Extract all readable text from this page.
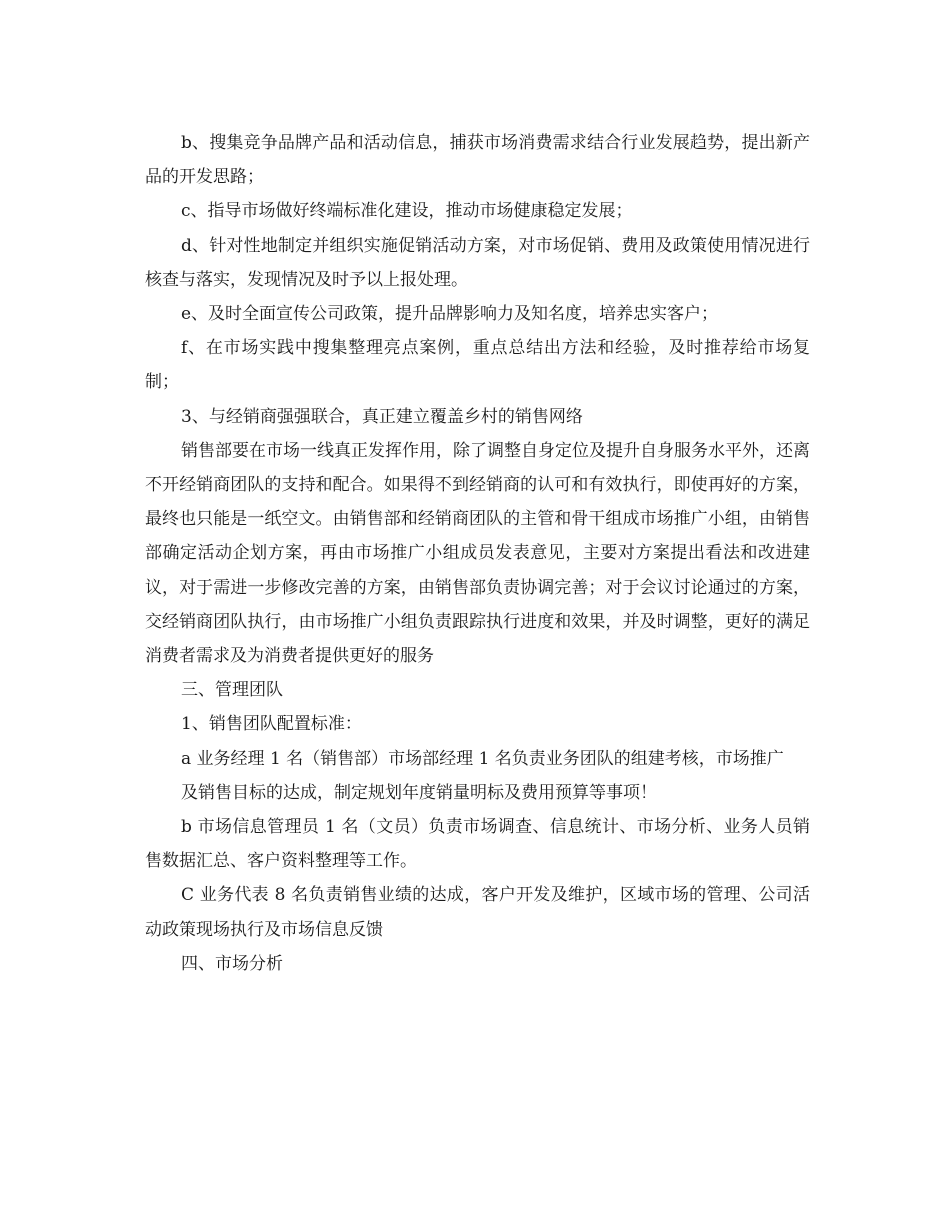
b、搜集竞争品牌产品和活动信息，捕获市场消费需求结合行业发展趋势，提出新产品的开发思路；

c、指导市场做好终端标准化建设，推动市场健康稳定发展；

d、针对性地制定并组织实施促销活动方案，对市场促销、费用及政策使用情况进行核查与落实，发现情况及时予以上报处理。

e、及时全面宣传公司政策，提升品牌影响力及知名度，培养忠实客户；

f、在市场实践中搜集整理亮点案例，重点总结出方法和经验，及时推荐给市场复制；

3、与经销商强强联合，真正建立覆盖乡村的销售网络

销售部要在市场一线真正发挥作用，除了调整自身定位及提升自身服务水平外，还离不开经销商团队的支持和配合。如果得不到经销商的认可和有效执行，即使再好的方案，最终也只能是一纸空文。由销售部和经销商团队的主管和骨干组成市场推广小组，由销售部确定活动企划方案，再由市场推广小组成员发表意见，主要对方案提出看法和改进建议，对于需进一步修改完善的方案，由销售部负责协调完善；对于会议讨论通过的方案，交经销商团队执行，由市场推广小组负责跟踪执行进度和效果，并及时调整，更好的满足消费者需求及为消费者提供更好的服务

三、管理团队

1、销售团队配置标准：

a 业务经理 1 名（销售部）市场部经理 1 名负责业务团队的组建考核，市场推广

及销售目标的达成，制定规划年度销量明标及费用预算等事项！

b 市场信息管理员 1 名（文员）负责市场调查、信息统计、市场分析、业务人员销售数据汇总、客户资料整理等工作。

C 业务代表 8 名负责销售业绩的达成，客户开发及维护，区域市场的管理、公司活动政策现场执行及市场信息反馈

四、市场分析
